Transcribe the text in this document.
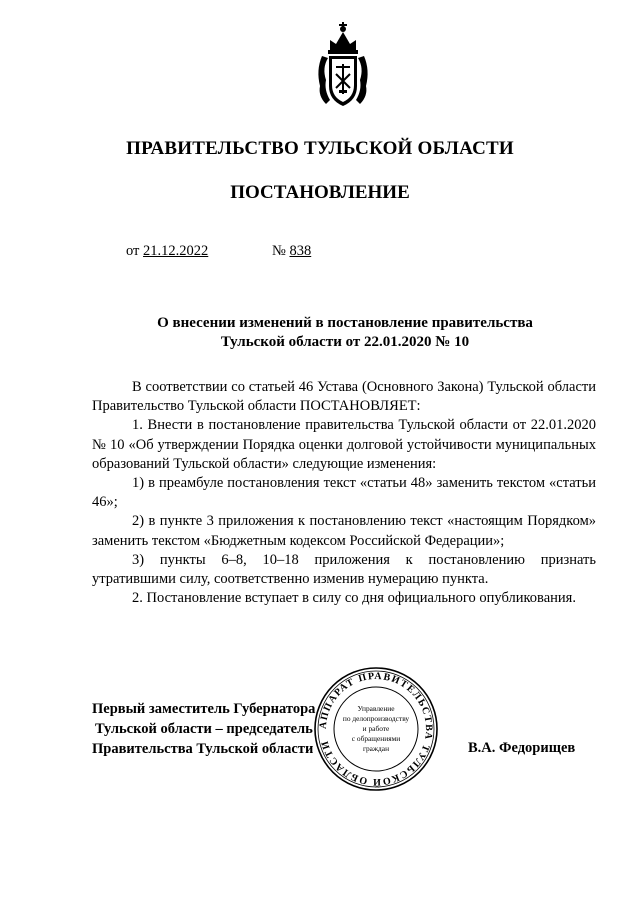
ПРАВИТЕЛЬСТВО ТУЛЬСКОЙ ОБЛАСТИ
ПОСТАНОВЛЕНИЕ
от 21.12.2022	№ 838
О внесении изменений в постановление правительства
Тульской области от 22.01.2020 № 10

В соответствии со статьей 46 Устава (Основного Закона) Тульской области Правительство Тульской области ПОСТАНОВЛЯЕТ:

1. Внести в постановление правительства Тульской области от 22.01.2020 № 10 «Об утверждении Порядка оценки долговой устойчивости муниципальных образований Тульской области» следующие изменения:

1) в преамбуле постановления текст «статьи 48» заменить текстом «статьи 46»;

2) в пункте 3 приложения к постановлению текст «настоящим Порядком» заменить текстом «Бюджетным кодексом Российской Федерации»;

3) пункты 6–8, 10–18 приложения к постановлению признать утратившими силу, соответственно изменив нумерацию пункта.

2. Постановление вступает в силу со дня официального опубликования.

Первый заместитель Губернатора
Тульской области – председатель
Правительства Тульской области	В.А. Федорищев
АППАРАТ ПРАВИТЕЛЬСТВА ТУЛЬСКОЙ ОБЛАСТИ
Управление
по делопроизводству
и работе
с обращениями
граждан
